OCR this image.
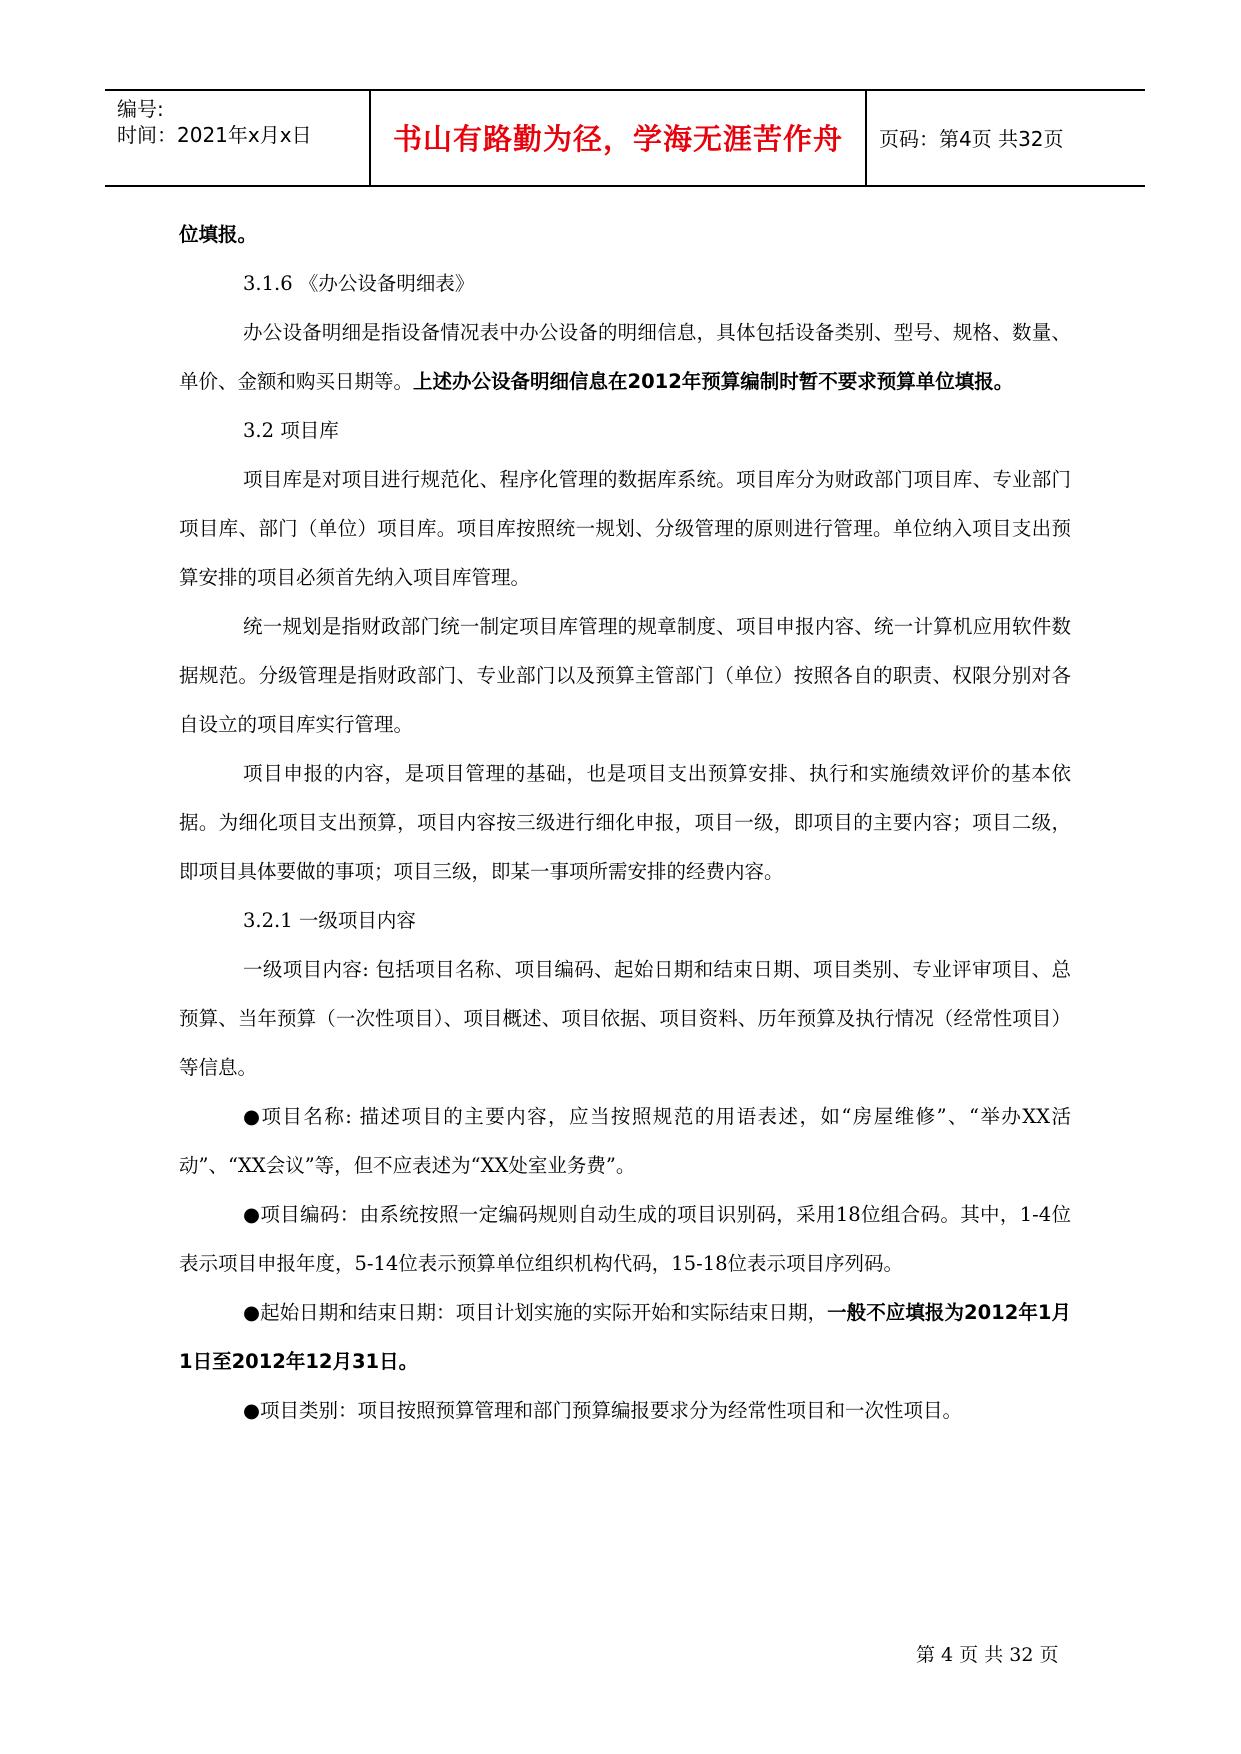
编号:
时间：2021年x月x日	书山有路勤为径，学海无涯苦作舟	页码：第4页 共32页

位填报。

3.1.6 《办公设备明细表》

办公设备明细是指设备情况表中办公设备的明细信息，具体包括设备类别、型号、规格、数量、单价、金额和购买日期等。上述办公设备明细信息在2012年预算编制时暂不要求预算单位填报。

3.2 项目库

项目库是对项目进行规范化、程序化管理的数据库系统。项目库分为财政部门项目库、专业部门项目库、部门（单位）项目库。项目库按照统一规划、分级管理的原则进行管理。单位纳入项目支出预算安排的项目必须首先纳入项目库管理。

统一规划是指财政部门统一制定项目库管理的规章制度、项目申报内容、统一计算机应用软件数据规范。分级管理是指财政部门、专业部门以及预算主管部门（单位）按照各自的职责、权限分别对各自设立的项目库实行管理。

项目申报的内容，是项目管理的基础，也是项目支出预算安排、执行和实施绩效评价的基本依据。为细化项目支出预算，项目内容按三级进行细化申报，项目一级，即项目的主要内容；项目二级，即项目具体要做的事项；项目三级，即某一事项所需安排的经费内容。

3.2.1 一级项目内容

一级项目内容: 包括项目名称、项目编码、起始日期和结束日期、项目类别、专业评审项目、总预算、当年预算（一次性项目）、项目概述、项目依据、项目资料、历年预算及执行情况（经常性项目）等信息。

●项目名称: 描述项目的主要内容，应当按照规范的用语表述，如“房屋维修”、“举办XX活动”、“XX会议”等，但不应表述为“XX处室业务费”。

●项目编码：由系统按照一定编码规则自动生成的项目识别码，采用18位组合码。其中，1-4位表示项目申报年度，5-14位表示预算单位组织机构代码，15-18位表示项目序列码。

●起始日期和结束日期：项目计划实施的实际开始和实际结束日期，一般不应填报为2012年1月1日至2012年12月31日。

●项目类别：项目按照预算管理和部门预算编报要求分为经常性项目和一次性项目。

第 4 页 共 32 页
